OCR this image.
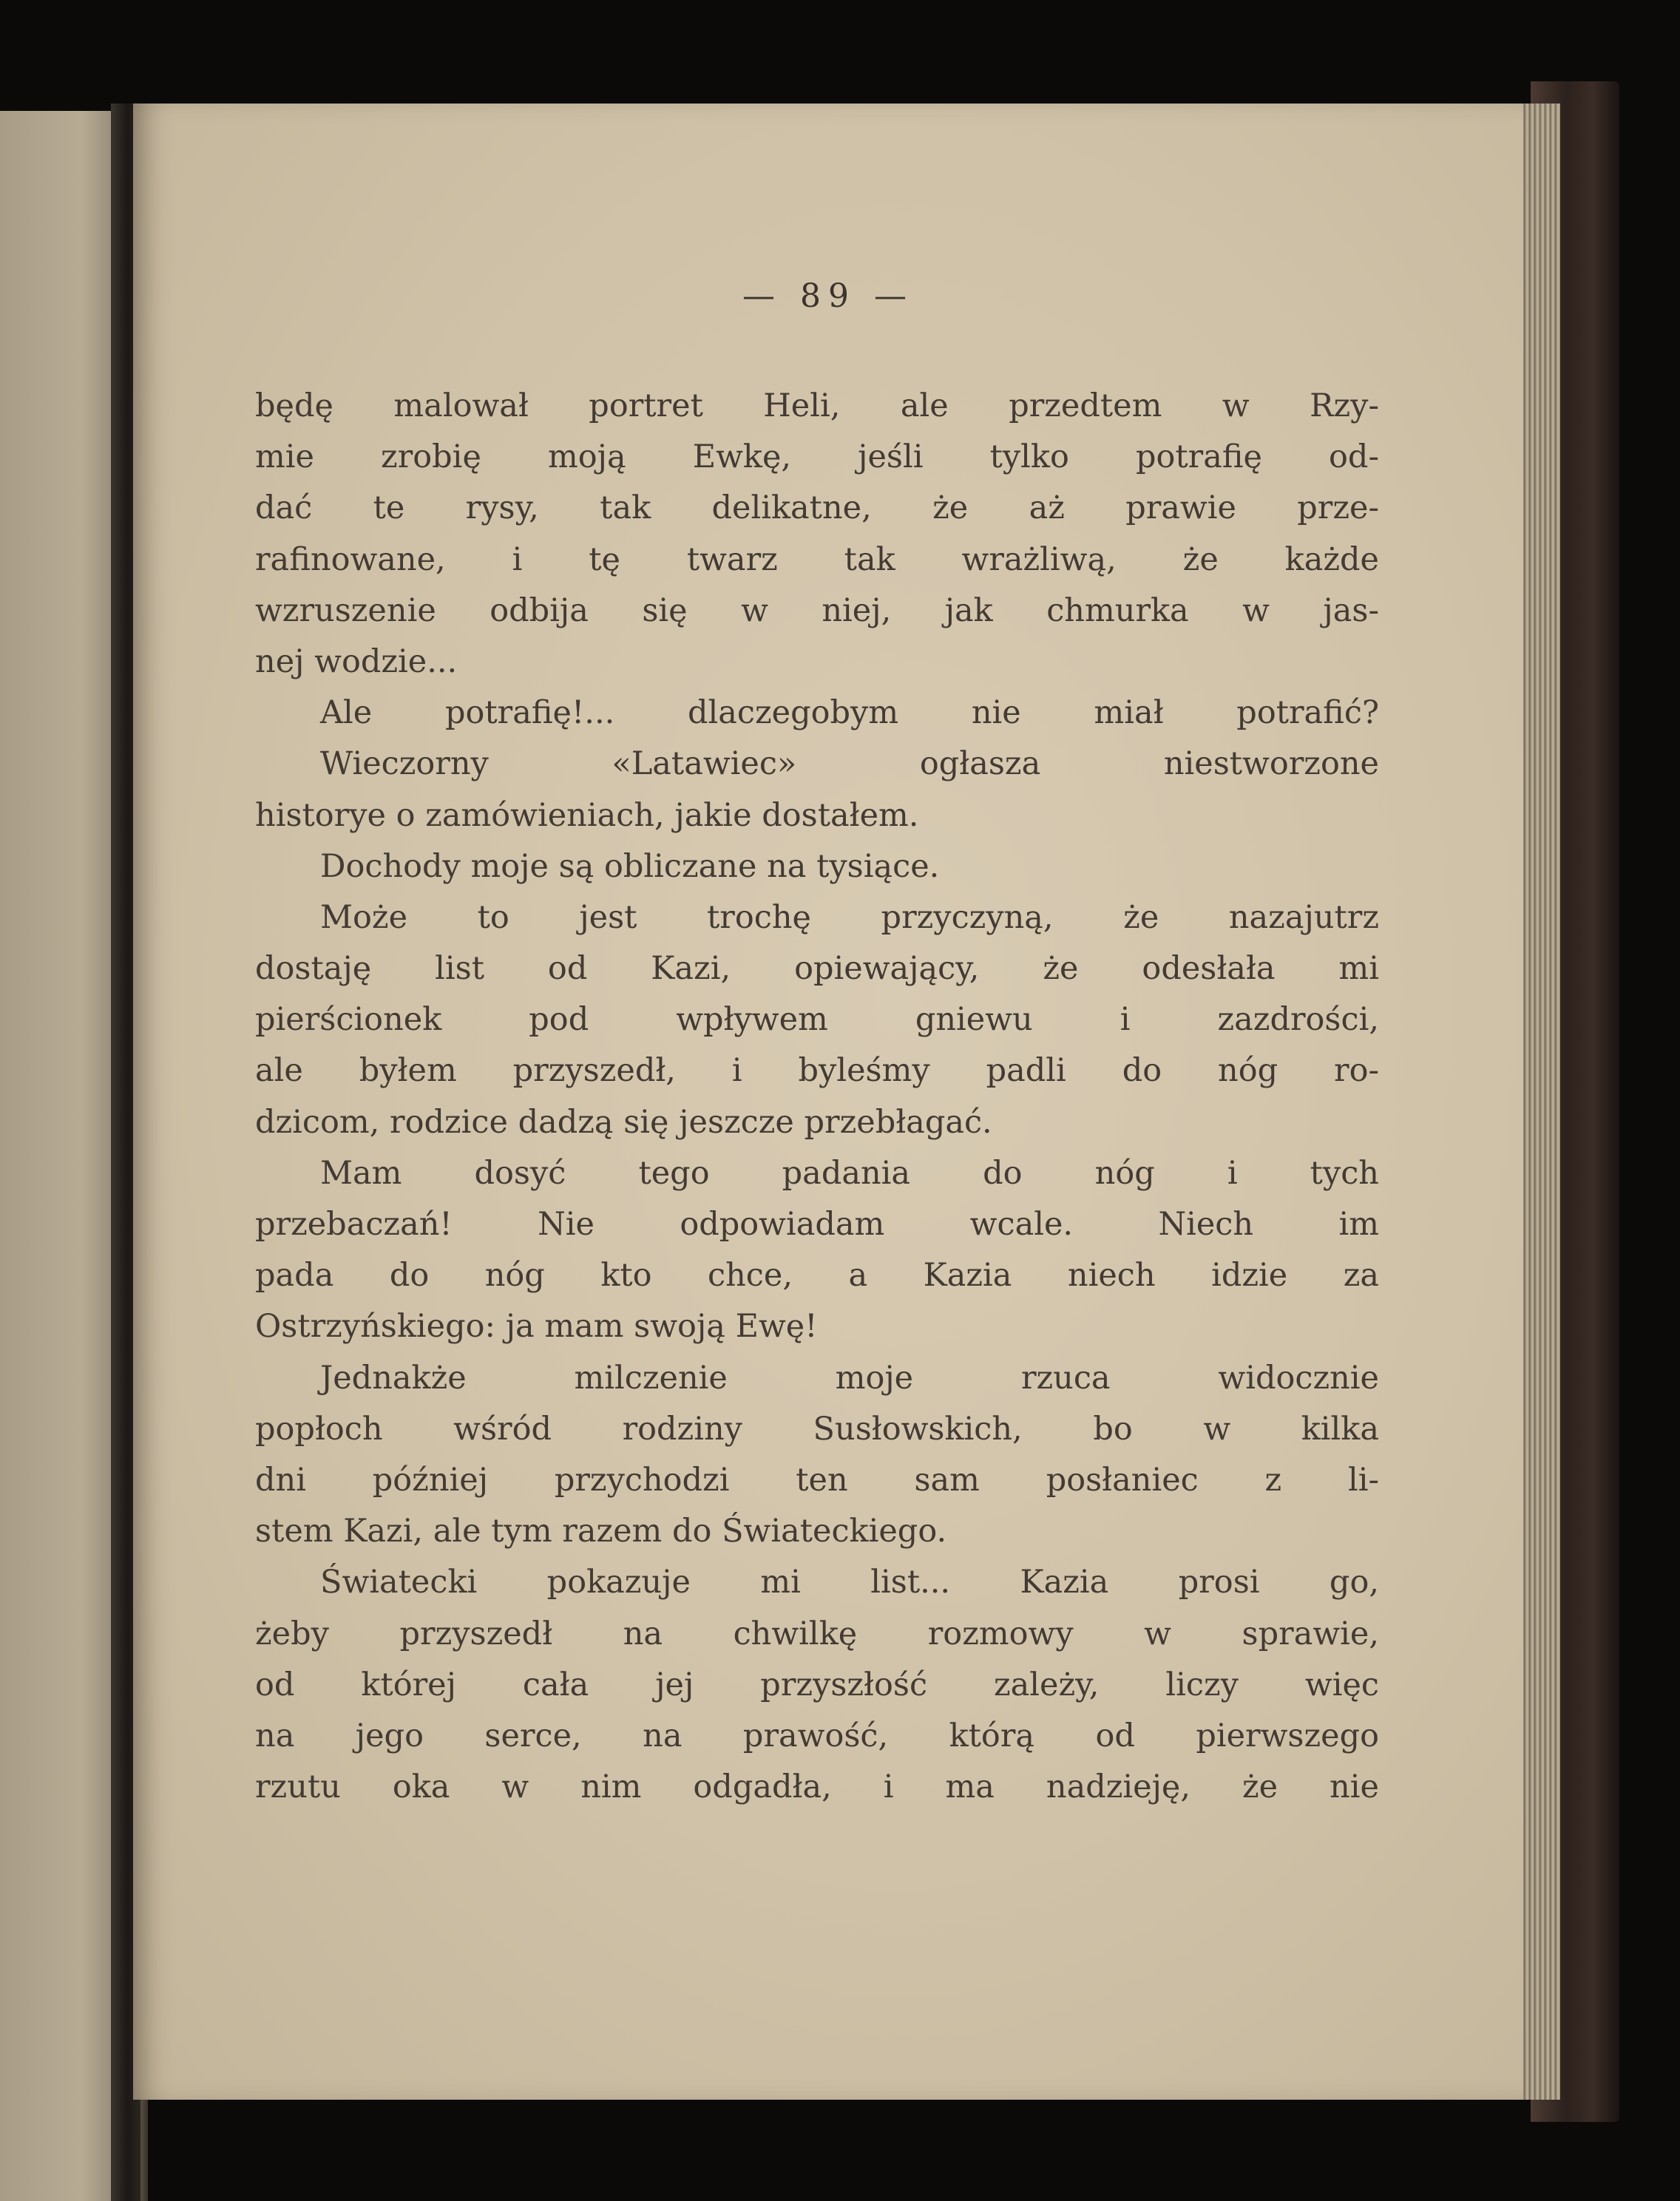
— 89 —

będę malował portret Heli, ale przedtem w Rzy-
mie zrobię moją Ewkę, jeśli tylko potrafię od-
dać te rysy, tak delikatne, że aż prawie prze-
rafinowane, i tę twarz tak wrażliwą, że każde
wzruszenie odbija się w niej, jak chmurka w jas-
nej wodzie...
Ale potrafię!... dlaczegobym nie miał potrafić?
Wieczorny «Latawiec» ogłasza niestworzone
historye o zamówieniach, jakie dostałem.
Dochody moje są obliczane na tysiące.
Może to jest trochę przyczyną, że nazajutrz
dostaję list od Kazi, opiewający, że odesłała mi
pierścionek pod wpływem gniewu i zazdrości,
ale byłem przyszedł, i byleśmy padli do nóg ro-
dzicom, rodzice dadzą się jeszcze przebłagać.
Mam dosyć tego padania do nóg i tych
przebaczań! Nie odpowiadam wcale. Niech im
pada do nóg kto chce, a Kazia niech idzie za
Ostrzyńskiego: ja mam swoją Ewę!
Jednakże milczenie moje rzuca widocznie
popłoch wśród rodziny Susłowskich, bo w kilka
dni później przychodzi ten sam posłaniec z li-
stem Kazi, ale tym razem do Świateckiego.
Światecki pokazuje mi list... Kazia prosi go,
żeby przyszedł na chwilkę rozmowy w sprawie,
od której cała jej przyszłość zależy, liczy więc
na jego serce, na prawość, którą od pierwszego
rzutu oka w nim odgadła, i ma nadzieję, że nie
